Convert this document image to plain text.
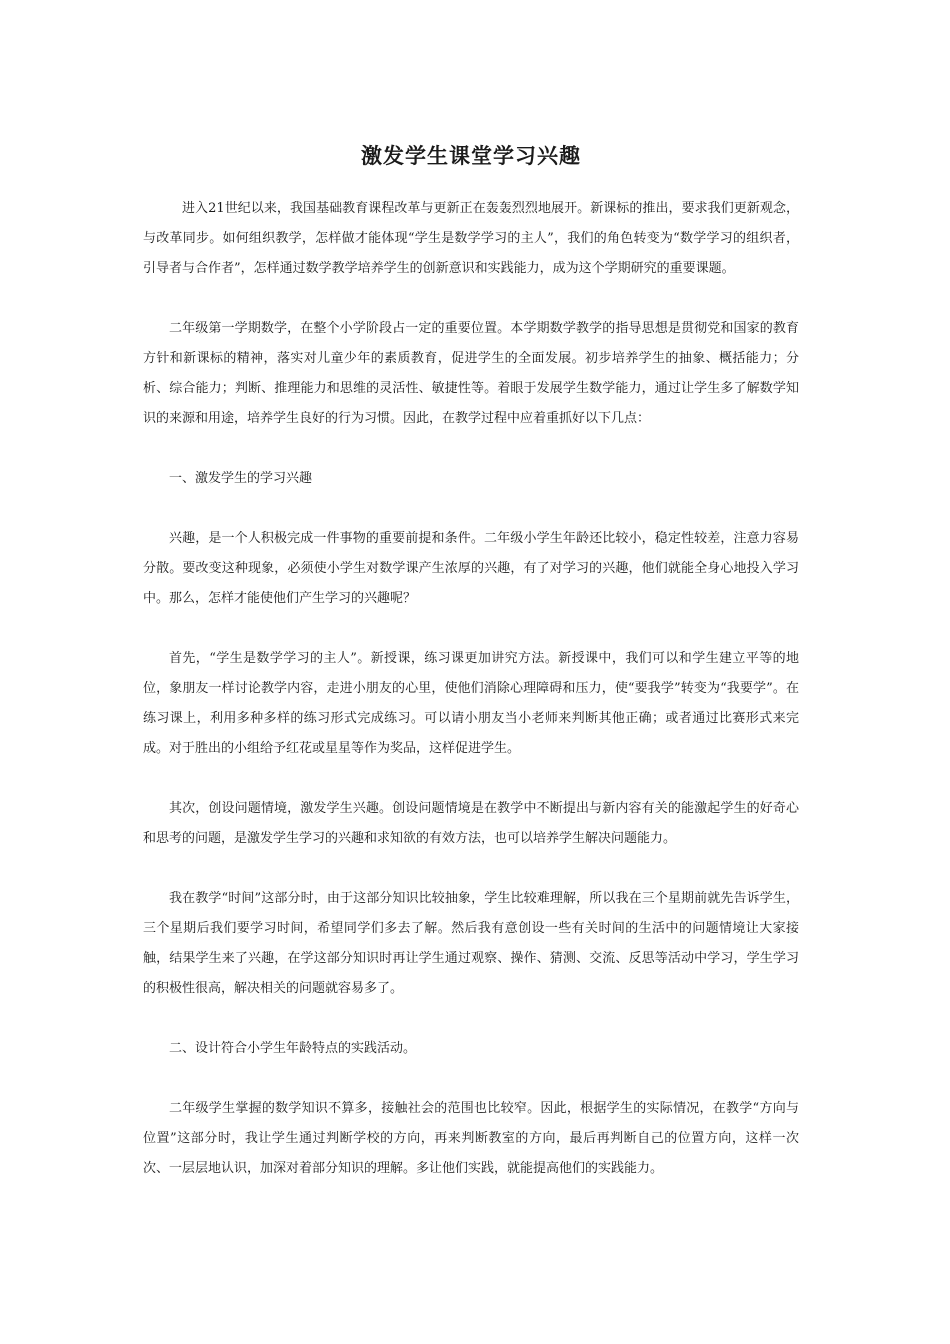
激发学生课堂学习兴趣

进入21世纪以来，我国基础教育课程改革与更新正在轰轰烈烈地展开。新课标的推出，要求我们更新观念，与改革同步。如何组织教学，怎样做才能体现“学生是数学学习的主人”，我们的角色转变为“数学学习的组织者，引导者与合作者”，怎样通过数学教学培养学生的创新意识和实践能力，成为这个学期研究的重要课题。

二年级第一学期数学，在整个小学阶段占一定的重要位置。本学期数学教学的指导思想是贯彻党和国家的教育方针和新课标的精神，落实对儿童少年的素质教育，促进学生的全面发展。初步培养学生的抽象、概括能力；分析、综合能力；判断、推理能力和思维的灵活性、敏捷性等。着眼于发展学生数学能力，通过让学生多了解数学知识的来源和用途，培养学生良好的行为习惯。因此，在教学过程中应着重抓好以下几点：

一、激发学生的学习兴趣

兴趣，是一个人积极完成一件事物的重要前提和条件。二年级小学生年龄还比较小，稳定性较差，注意力容易分散。要改变这种现象，必须使小学生对数学课产生浓厚的兴趣，有了对学习的兴趣，他们就能全身心地投入学习中。那么，怎样才能使他们产生学习的兴趣呢？

首先，“学生是数学学习的主人”。新授课，练习课更加讲究方法。新授课中，我们可以和学生建立平等的地位，象朋友一样讨论教学内容，走进小朋友的心里，使他们消除心理障碍和压力，使“要我学”转变为“我要学”。在练习课上，利用多种多样的练习形式完成练习。可以请小朋友当小老师来判断其他正确；或者通过比赛形式来完成。对于胜出的小组给予红花或星星等作为奖品，这样促进学生。

其次，创设问题情境，激发学生兴趣。创设问题情境是在教学中不断提出与新内容有关的能激起学生的好奇心和思考的问题，是激发学生学习的兴趣和求知欲的有效方法，也可以培养学生解决问题能力。

我在教学“时间”这部分时，由于这部分知识比较抽象，学生比较难理解，所以我在三个星期前就先告诉学生，三个星期后我们要学习时间，希望同学们多去了解。然后我有意创设一些有关时间的生活中的问题情境让大家接触，结果学生来了兴趣，在学这部分知识时再让学生通过观察、操作、猜测、交流、反思等活动中学习，学生学习的积极性很高，解决相关的问题就容易多了。

二、设计符合小学生年龄特点的实践活动。

二年级学生掌握的数学知识不算多，接触社会的范围也比较窄。因此，根据学生的实际情况，在教学“方向与位置”这部分时，我让学生通过判断学校的方向，再来判断教室的方向，最后再判断自己的位置方向，这样一次次、一层层地认识，加深对着部分知识的理解。多让他们实践，就能提高他们的实践能力。
